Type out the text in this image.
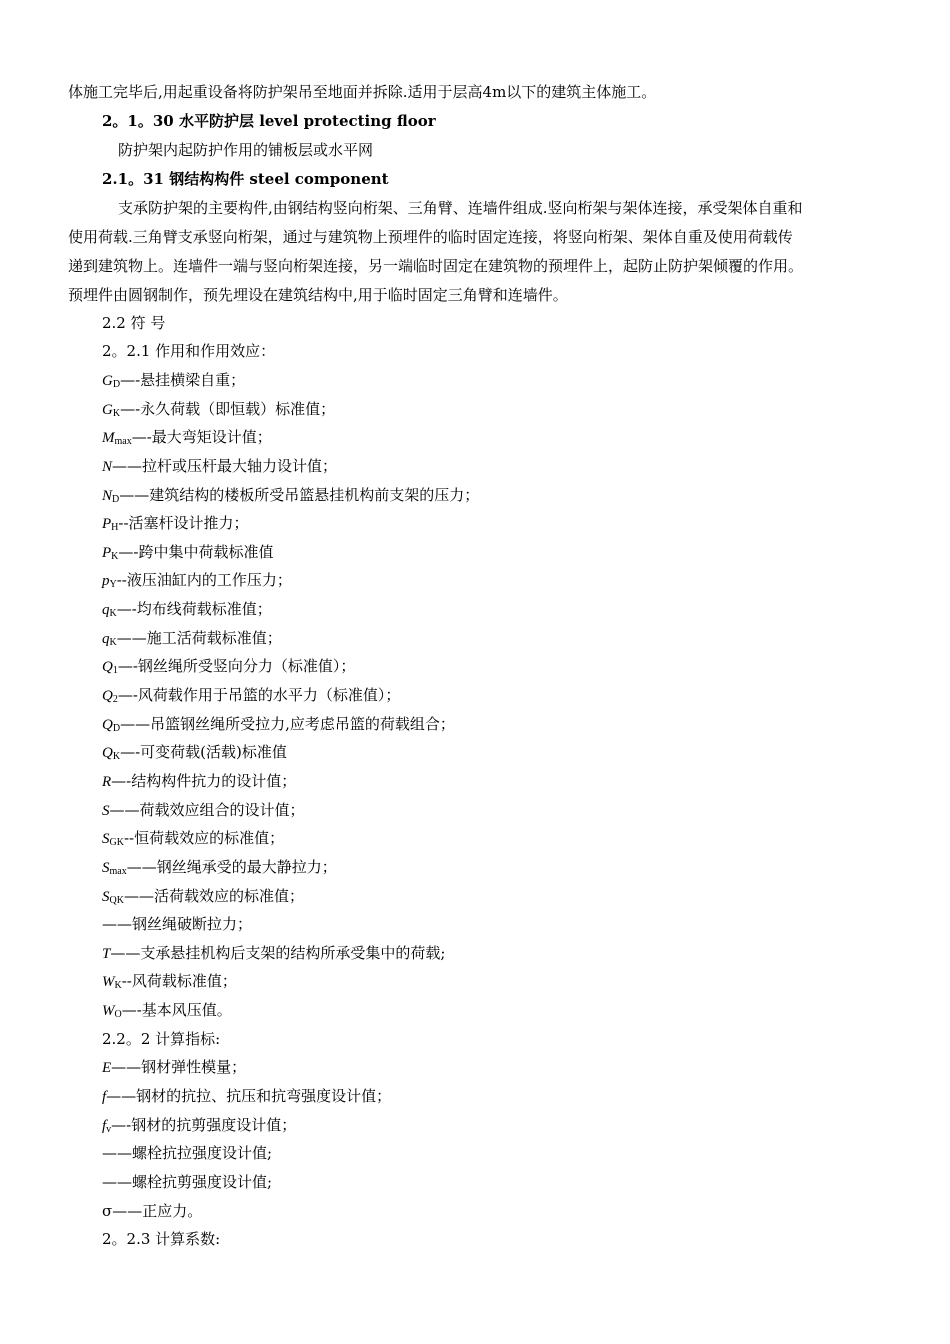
体施工完毕后,用起重设备将防护架吊至地面并拆除.适用于层高4m以下的建筑主体施工。
2。1。30 水平防护层 level protecting floor
防护架内起防护作用的铺板层或水平网
2.1。31 钢结构构件 steel component
支承防护架的主要构件,由钢结构竖向桁架、三角臂、连墙件组成.竖向桁架与架体连接，承受架体自重和
使用荷载.三角臂支承竖向桁架，通过与建筑物上预埋件的临时固定连接，将竖向桁架、架体自重及使用荷载传
递到建筑物上。连墙件一端与竖向桁架连接，另一端临时固定在建筑物的预埋件上，起防止防护架倾覆的作用。
预埋件由圆钢制作，预先埋设在建筑结构中,用于临时固定三角臂和连墙件。
2.2 符 号
2。2.1 作用和作用效应：
$G_D—-$悬挂横梁自重；
$G_K—-$永久荷载（即恒载）标准值；
$M_{max}—-$最大弯矩设计值；
N——拉杆或压杆最大轴力设计值；
$N_D——$建筑结构的楼板所受吊篮悬挂机构前支架的压力；
$P_H--$活塞杆设计推力；
$P_K—-$跨中集中荷载标准值
$p_Y--$液压油缸内的工作压力；
$q_K—-$均布线荷载标准值；
$q_K——$施工活荷载标准值；
$Q_1—-$钢丝绳所受竖向分力（标准值）；
$Q_2—-$风荷载作用于吊篮的水平力（标准值）；
$Q_D——$吊篮钢丝绳所受拉力,应考虑吊篮的荷载组合；
$Q_K—-$可变荷载(活载)标准值
R—-结构构件抗力的设计值；
S——荷载效应组合的设计值；
$S_{GK}--$恒荷载效应的标准值；
$S_{max}——$钢丝绳承受的最大静拉力；
$S_{QK}——$活荷载效应的标准值；
——钢丝绳破断拉力；
T——支承悬挂机构后支架的结构所承受集中的荷载;
$W_K--$风荷载标准值；
$W_O—-$基本风压值。
2.2。2 计算指标:
E——钢材弹性模量；
f——钢材的抗拉、抗压和抗弯强度设计值；
$f_v—-$钢材的抗剪强度设计值；
——螺栓抗拉强度设计值;
——螺栓抗剪强度设计值;
σ——正应力。
2。2.3 计算系数:
